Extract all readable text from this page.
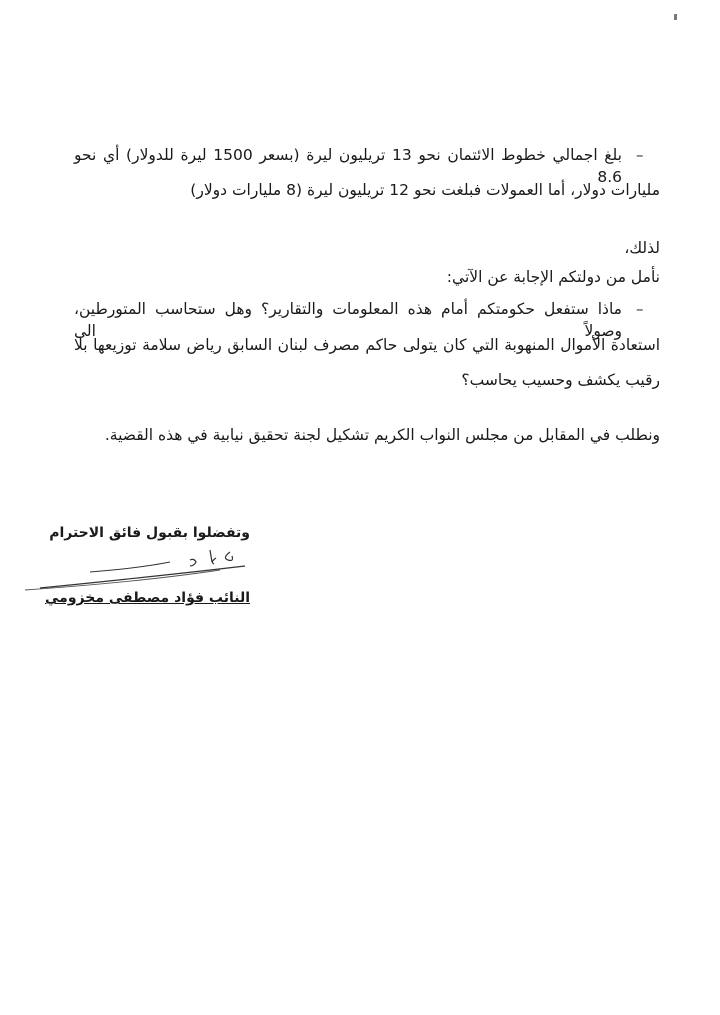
–
بلغ اجمالي خطوط الائتمان نحو 13 تريليون ليرة (بسعر 1500 ليرة للدولار) أي نحو 8.6
مليارات دولار، أما العمولات فبلغت نحو 12 تريليون ليرة (8 مليارات دولار)
لذلك،
نأمل من دولتكم الإجابة عن الآتي:
–
ماذا ستفعل حكومتكم أمام هذه المعلومات والتقارير؟ وهل ستحاسب المتورطين، وصولاً الى
استعادة الأموال المنهوبة التي كان يتولى حاكم مصرف لبنان السابق رياض سلامة توزيعها بلا
رقيب يكشف وحسيب يحاسب؟
ونطلب في المقابل من مجلس النواب الكريم تشكيل لجنة تحقيق نيابية في هذه القضية.
وتفضلوا بقبول فائق الاحترام
النائب فؤاد مصطفى مخزومي
